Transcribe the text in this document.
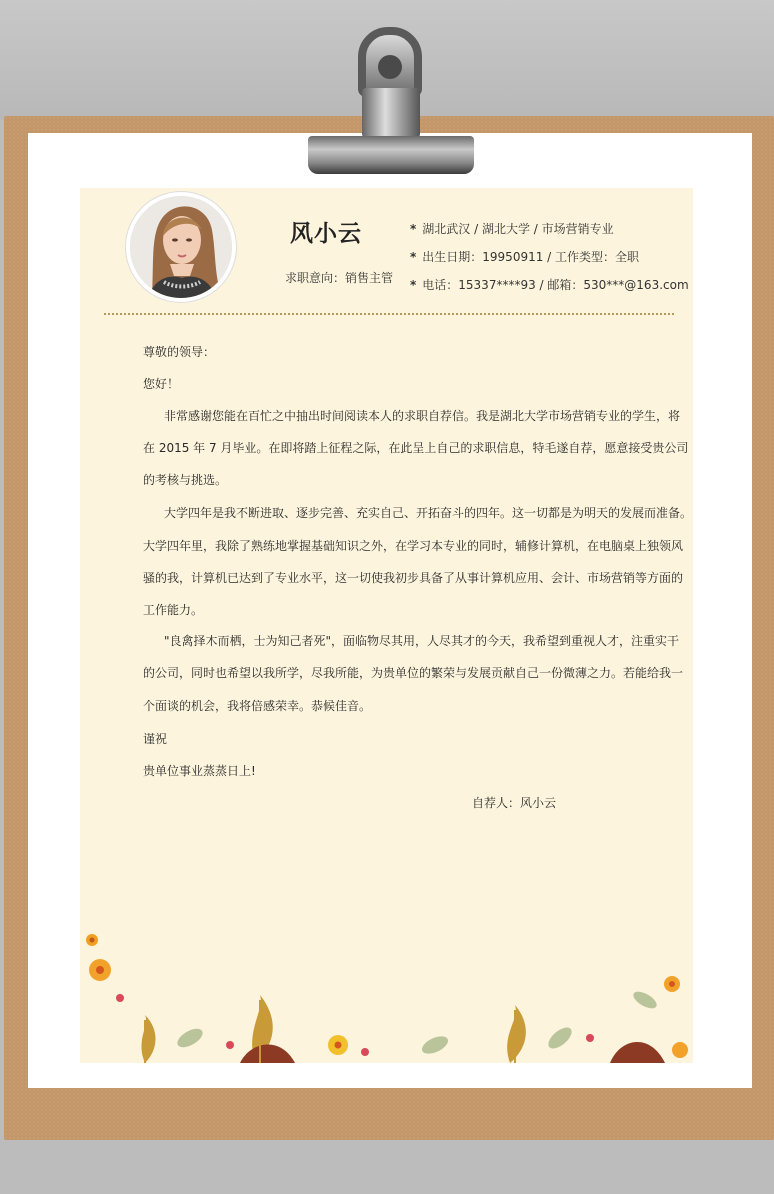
风小云
求职意向：销售主管
* 湖北武汉 / 湖北大学 / 市场营销专业
* 出生日期：19950911 / 工作类型：全职
* 电话：15337****93 / 邮箱：530***@163.com
尊敬的领导：
您好！
非常感谢您能在百忙之中抽出时间阅读本人的求职自荐信。我是湖北大学市场营销专业的学生，将
在 2015 年 7 月毕业。在即将踏上征程之际，在此呈上自己的求职信息，特毛遂自荐，愿意接受贵公司
的考核与挑选。
大学四年是我不断进取、逐步完善、充实自己、开拓奋斗的四年。这一切都是为明天的发展而准备。
大学四年里，我除了熟练地掌握基础知识之外，在学习本专业的同时，辅修计算机，在电脑桌上独领风
骚的我，计算机已达到了专业水平，这一切使我初步具备了从事计算机应用、会计、市场营销等方面的
工作能力。
"良禽择木而栖，士为知己者死"，面临物尽其用，人尽其才的今天，我希望到重视人才，注重实干
的公司，同时也希望以我所学，尽我所能，为贵单位的繁荣与发展贡献自己一份微薄之力。若能给我一
个面谈的机会，我将倍感荣幸。恭候佳音。
谨祝
贵单位事业蒸蒸日上!
自荐人：风小云
